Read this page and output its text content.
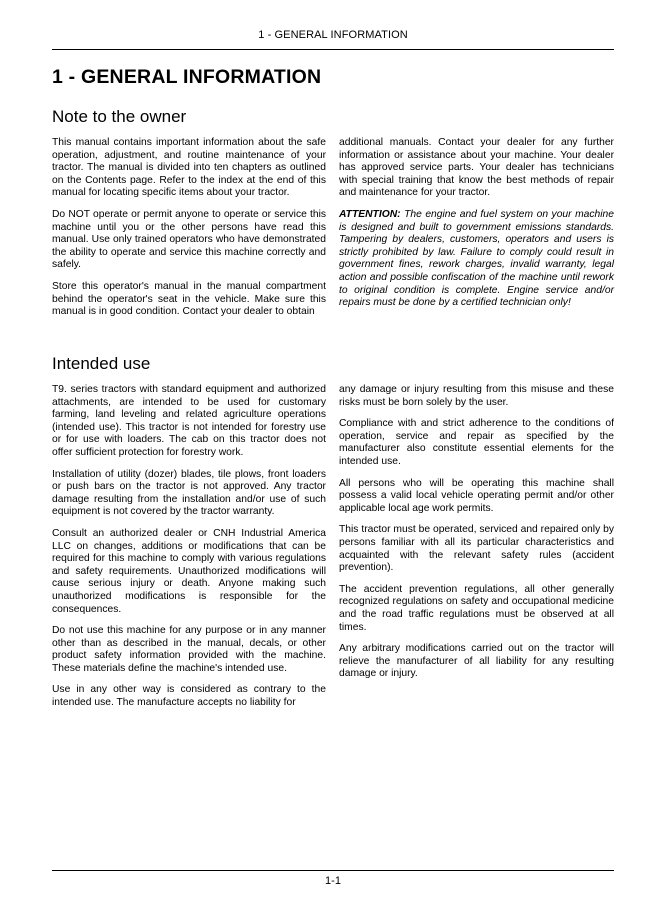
1 - GENERAL INFORMATION
1 - GENERAL INFORMATION
Note to the owner

This manual contains important information about the safe operation, adjustment, and routine maintenance of your tractor. The manual is divided into ten chapters as outlined on the Contents page. Refer to the index at the end of this manual for locating specific items about your tractor.

Do NOT operate or permit anyone to operate or service this machine until you or the other persons have read this manual. Use only trained operators who have demonstrated the ability to operate and service this machine correctly and safely.

Store this operator's manual in the manual compartment behind the operator's seat in the vehicle. Make sure this manual is in good condition. Contact your dealer to obtain

additional manuals. Contact your dealer for any further information or assistance about your machine. Your dealer has approved service parts. Your dealer has technicians with special training that know the best methods of repair and maintenance for your tractor.

ATTENTION: The engine and fuel system on your machine is designed and built to government emissions standards. Tampering by dealers, customers, operators and users is strictly prohibited by law. Failure to comply could result in government fines, rework charges, invalid warranty, legal action and possible confiscation of the machine until rework to original condition is complete. Engine service and/or repairs must be done by a certified technician only!

Intended use

T9. series tractors with standard equipment and authorized attachments, are intended to be used for customary farming, land leveling and related agriculture operations (intended use). This tractor is not intended for forestry use or for use with loaders. The cab on this tractor does not offer sufficient protection for forestry work.

Installation of utility (dozer) blades, tile plows, front loaders or push bars on the tractor is not approved. Any tractor damage resulting from the installation and/or use of such equipment is not covered by the tractor warranty.

Consult an authorized dealer or CNH Industrial America LLC on changes, additions or modifications that can be required for this machine to comply with various regulations and safety requirements. Unauthorized modifications will cause serious injury or death. Anyone making such unauthorized modifications is responsible for the consequences.

Do not use this machine for any purpose or in any manner other than as described in the manual, decals, or other product safety information provided with the machine. These materials define the machine's intended use.

Use in any other way is considered as contrary to the intended use. The manufacture accepts no liability for

any damage or injury resulting from this misuse and these risks must be born solely by the user.

Compliance with and strict adherence to the conditions of operation, service and repair as specified by the manufacturer also constitute essential elements for the intended use.

All persons who will be operating this machine shall possess a valid local vehicle operating permit and/or other applicable local age work permits.

This tractor must be operated, serviced and repaired only by persons familiar with all its particular characteristics and acquainted with the relevant safety rules (accident prevention).

The accident prevention regulations, all other generally recognized regulations on safety and occupational medicine and the road traffic regulations must be observed at all times.

Any arbitrary modifications carried out on the tractor will relieve the manufacturer of all liability for any resulting damage or injury.

1-1
